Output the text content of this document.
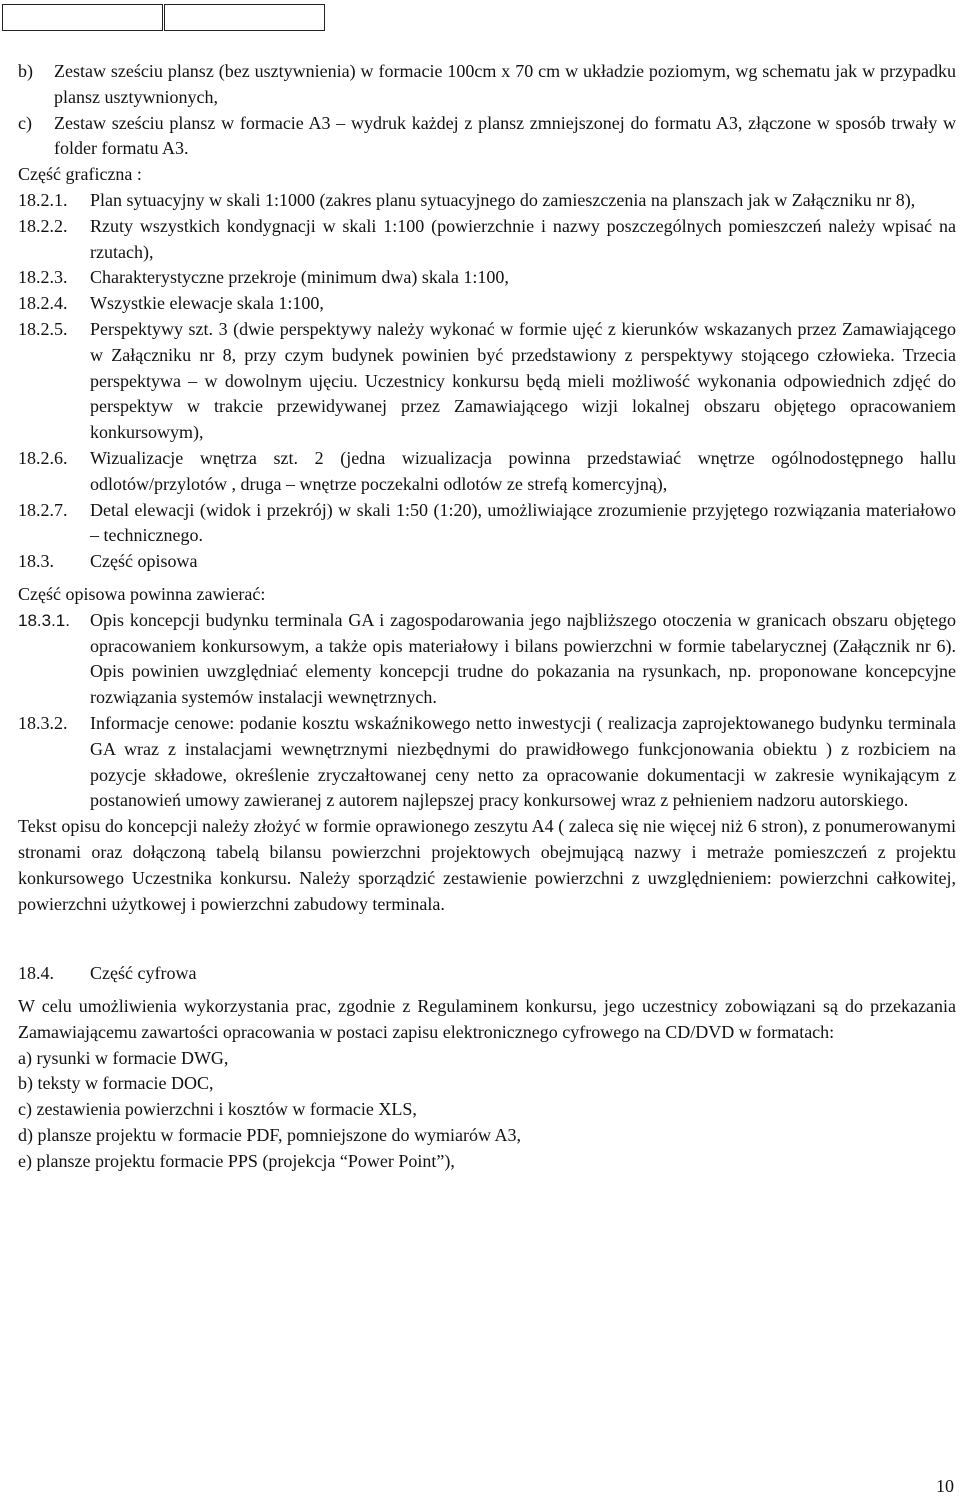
b)	Zestaw sześciu plansz (bez usztywnienia) w formacie 100cm x 70 cm w układzie poziomym, wg schematu jak w przypadku plansz usztywnionych,
c)	Zestaw sześciu plansz w formacie A3 – wydruk każdej z plansz zmniejszonej do formatu A3, złączone w sposób trwały w folder formatu A3.
Część graficzna :
18.2.1.	Plan sytuacyjny w skali 1:1000 (zakres planu sytuacyjnego do zamieszczenia na planszach jak w Załączniku nr 8),
18.2.2.	Rzuty wszystkich kondygnacji w skali 1:100 (powierzchnie i nazwy poszczególnych pomieszczeń należy wpisać na rzutach),
18.2.3.	Charakterystyczne przekroje (minimum dwa) skala 1:100,
18.2.4.	Wszystkie elewacje skala 1:100,
18.2.5.	Perspektywy szt. 3 (dwie perspektywy należy wykonać w formie ujęć z kierunków wskazanych przez Zamawiającego w Załączniku nr 8, przy czym budynek powinien być przedstawiony z perspektywy stojącego człowieka. Trzecia perspektywa – w dowolnym ujęciu. Uczestnicy konkursu będą mieli możliwość wykonania odpowiednich zdjęć do perspektyw w trakcie przewidywanej przez Zamawiającego wizji lokalnej obszaru objętego opracowaniem konkursowym),
18.2.6.	Wizualizacje wnętrza szt. 2 (jedna wizualizacja powinna przedstawiać wnętrze ogólnodostępnego hallu odlotów/przylotów , druga – wnętrze poczekalni odlotów ze strefą komercyjną),
18.2.7.	Detal elewacji (widok i przekrój) w skali 1:50 (1:20), umożliwiające zrozumienie przyjętego rozwiązania materiałowo – technicznego.
18.3.	Część opisowa
Część opisowa powinna zawierać:
18.3.1.	Opis koncepcji budynku terminala GA i zagospodarowania jego najbliższego otoczenia w granicach obszaru objętego opracowaniem konkursowym, a także opis materiałowy i bilans powierzchni w formie tabelarycznej (Załącznik nr 6). Opis powinien uwzględniać elementy koncepcji trudne do pokazania na rysunkach, np. proponowane koncepcyjne rozwiązania systemów instalacji wewnętrznych.
18.3.2.	Informacje cenowe: podanie kosztu wskaźnikowego netto inwestycji ( realizacja zaprojektowanego budynku terminala GA wraz z instalacjami wewnętrznymi niezbędnymi do prawidłowego funkcjonowania obiektu ) z rozbiciem na pozycje składowe, określenie zryczałtowanej ceny netto za opracowanie dokumentacji w zakresie wynikającym z postanowień umowy zawieranej z autorem najlepszej pracy konkursowej wraz z pełnieniem nadzoru autorskiego.
Tekst opisu do koncepcji należy złożyć w formie oprawionego zeszytu A4 ( zaleca się nie więcej niż 6 stron), z ponumerowanymi stronami oraz dołączoną tabelą bilansu powierzchni projektowych obejmującą nazwy i metraże pomieszczeń z projektu konkursowego Uczestnika konkursu. Należy sporządzić zestawienie powierzchni z uwzględnieniem: powierzchni całkowitej, powierzchni użytkowej i powierzchni zabudowy terminala.
18.4.	Część cyfrowa
W celu umożliwienia wykorzystania prac, zgodnie z Regulaminem konkursu, jego uczestnicy zobowiązani są do przekazania Zamawiającemu zawartości opracowania w postaci zapisu elektronicznego cyfrowego na CD/DVD w formatach:
a) rysunki w formacie DWG,
b) teksty w formacie DOC,
c) zestawienia powierzchni i kosztów w formacie XLS,
d) plansze projektu w formacie PDF, pomniejszone do wymiarów A3,
e) plansze projektu formacie PPS (projekcja “Power Point”),
10
